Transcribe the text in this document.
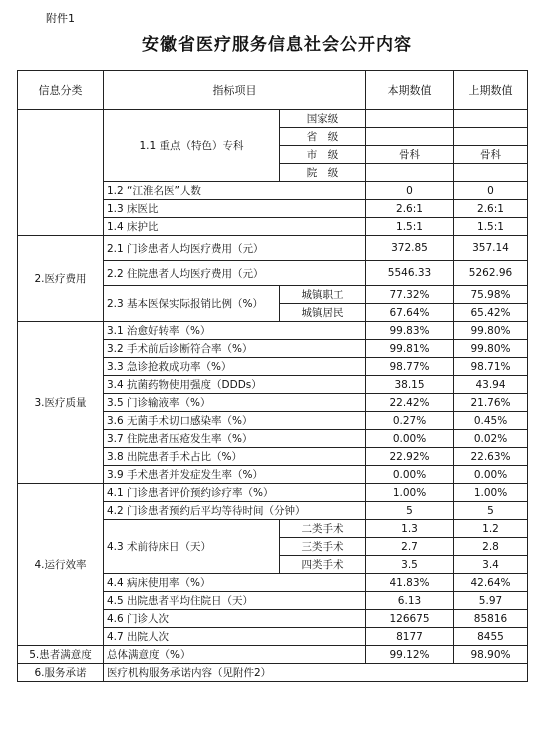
附件1
安徽省医疗服务信息社会公开内容
信息分类	指标项目		本期数值	上期数值
	1.1 重点（特色）专科	国家级		
		省　级		
		市　级	骨科	骨科
		院　级		
	1.2 “江淮名医”人数		0	0
	1.3 床医比		2.6:1	2.6:1
	1.4 床护比		1.5:1	1.5:1
2.医疗费用	2.1 门诊患者人均医疗费用（元）		372.85	357.14
	2.2 住院患者人均医疗费用（元）		5546.33	5262.96
	2.3 基本医保实际报销比例（%）	城镇职工	77.32%	75.98%
		城镇居民	67.64%	65.42%
3.医疗质量	3.1 治愈好转率（%）		99.83%	99.80%
	3.2 手术前后诊断符合率（%）		99.81%	99.80%
	3.3 急诊抢救成功率（%）		98.77%	98.71%
	3.4 抗菌药物使用强度（DDDs）		38.15	43.94
	3.5 门诊输液率（%）		22.42%	21.76%
	3.6 无菌手术切口感染率（%）		0.27%	0.45%
	3.7 住院患者压疮发生率（%）		0.00%	0.02%
	3.8 出院患者手术占比（%）		22.92%	22.63%
	3.9 手术患者并发症发生率（%）		0.00%	0.00%
4.运行效率	4.1 门诊患者评价预约诊疗率（%）		1.00%	1.00%
	4.2 门诊患者预约后平均等待时间（分钟）		5	5
	4.3 术前待床日（天）	二类手术	1.3	1.2
		三类手术	2.7	2.8
		四类手术	3.5	3.4
	4.4 病床使用率（%）		41.83%	42.64%
	4.5 出院患者平均住院日（天）		6.13	5.97
	4.6 门诊人次		126675	85816
	4.7 出院人次		8177	8455
5.患者满意度	总体满意度（%）		99.12%	98.90%
6.服务承诺	医疗机构服务承诺内容（见附件2）			
